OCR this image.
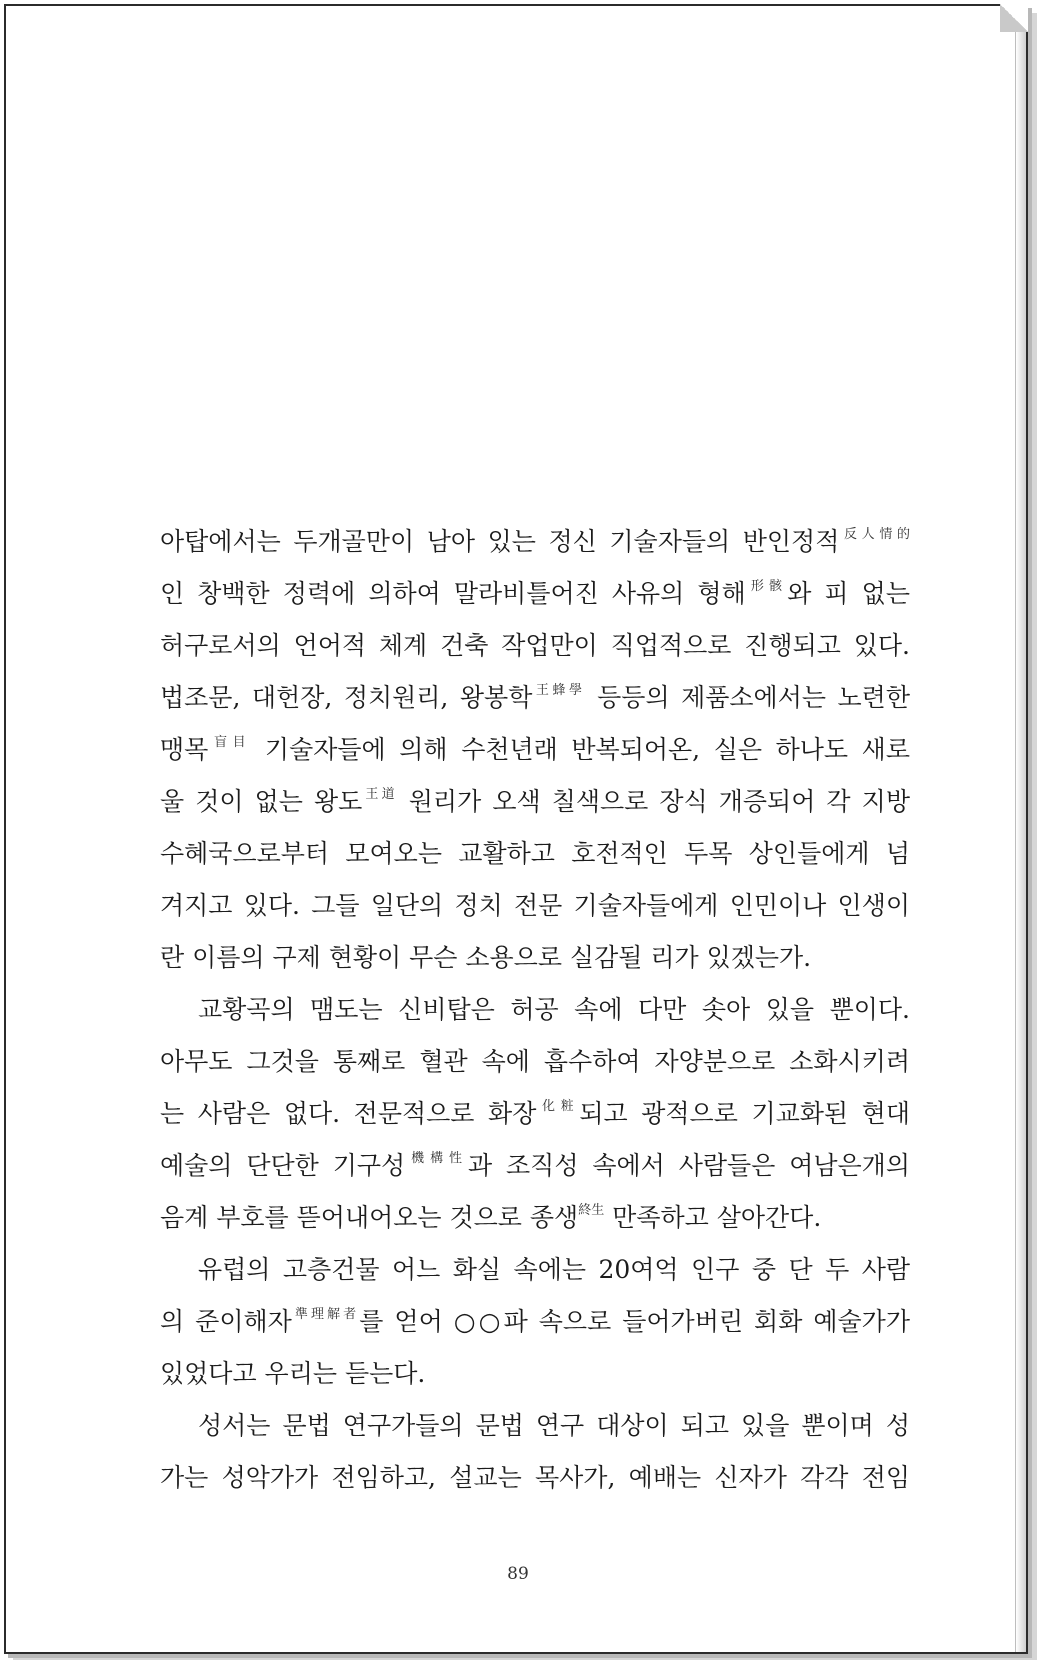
아탑에서는 두개골만이 남아 있는 정신 기술자들의 반인정적$^{反人情的}$
인 창백한 정력에 의하여 말라비틀어진 사유의 형해$^{形骸}$와 피 없는
허구로서의 언어적 체계 건축 작업만이 직업적으로 진행되고 있다.
법조문, 대헌장, 정치원리, 왕봉학$^{王蜂學}$ 등등의 제품소에서는 노련한
맹목$^{盲目}$ 기술자들에 의해 수천년래 반복되어온, 실은 하나도 새로
울 것이 없는 왕도$^{王道}$ 원리가 오색 칠색으로 장식 개증되어 각 지방
수혜국으로부터 모여오는 교활하고 호전적인 두목 상인들에게 넘
겨지고 있다. 그들 일단의 정치 전문 기술자들에게 인민이나 인생이
란 이름의 구제 현황이 무슨 소용으로 실감될 리가 있겠는가.
교황곡의 맴도는 신비탑은 허공 속에 다만 솟아 있을 뿐이다.
아무도 그것을 통째로 혈관 속에 흡수하여 자양분으로 소화시키려
는 사람은 없다. 전문적으로 화장$^{化粧}$되고 광적으로 기교화된 현대
예술의 단단한 기구성$^{機構性}$과 조직성 속에서 사람들은 여남은개의
음계 부호를 뜯어내어오는 것으로 종생$^{終生}$ 만족하고 살아간다.
유럽의 고층건물 어느 화실 속에는 20여억 인구 중 단 두 사람
의 준이해자$^{準理解者}$를 얻어 ○○파 속으로 들어가버린 회화 예술가가
있었다고 우리는 듣는다.
성서는 문법 연구가들의 문법 연구 대상이 되고 있을 뿐이며 성
가는 성악가가 전임하고, 설교는 목사가, 예배는 신자가 각각 전임
89
